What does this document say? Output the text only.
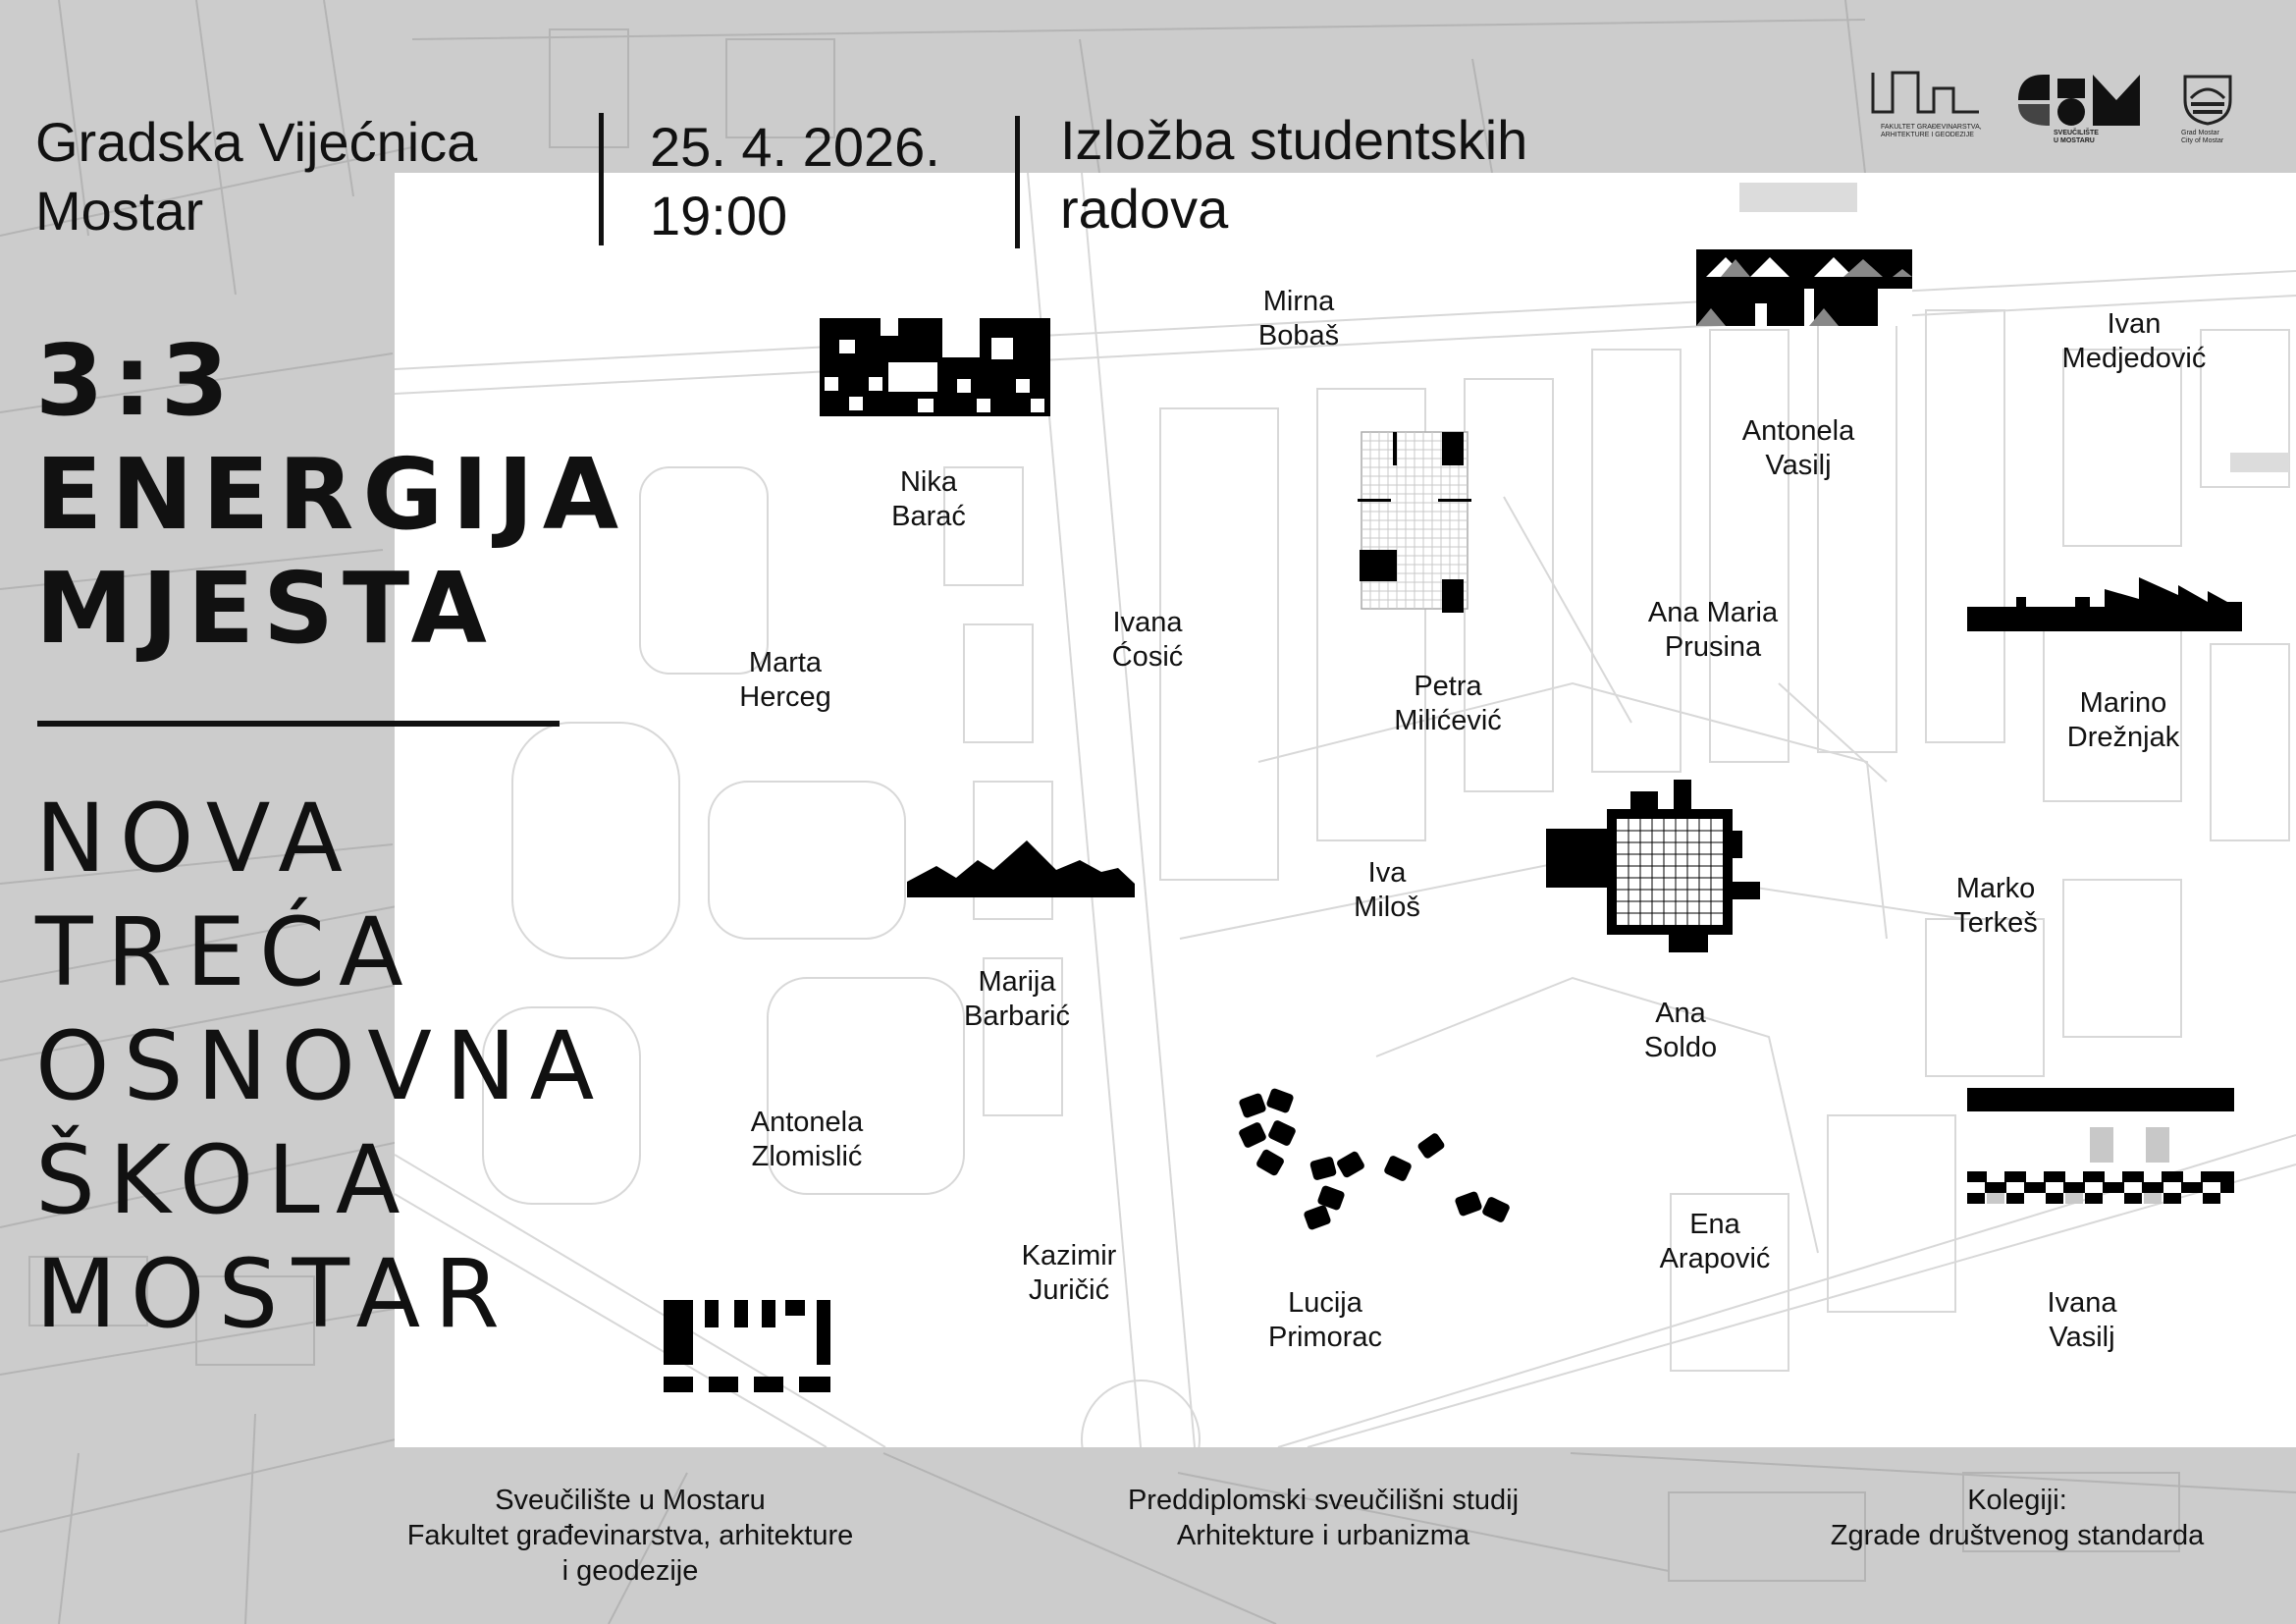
Gradska Vijećnica
Mostar
25. 4. 2026.
19:00
Izložba studentskih
radova
FAKULTET GRAĐEVINARSTVA,
ARHITEKTURE I GEODEZIJE	SVEUČILIŠTE
U MOSTARU
Grad Mostar
City of Mostar
3:3
ENERGIJA
MJESTA
NOVA
TREĆA
OSNOVNA
ŠKOLA
MOSTAR
Nika
Barać
Mirna
Bobaš
Antonela
Vasilj
Ivan
Medjedović
Marta
Herceg
Ivana
Ćosić
Petra
Milićević
Ana Maria
Prusina
Marino
Drežnjak
Marija
Barbarić
Iva
Miloš
Ana
Soldo
Marko
Terkeš
Antonela
Zlomislić
Kazimir
Juričić	Lucija
Primorac
Ena
Arapović
Ivana
Vasilj
Sveučilište u Mostaru
Fakultet građevinarstva, arhitekture
i geodezije
Preddiplomski sveučilišni studij
Arhitekture i urbanizma
Kolegiji:
Zgrade društvenog standarda
